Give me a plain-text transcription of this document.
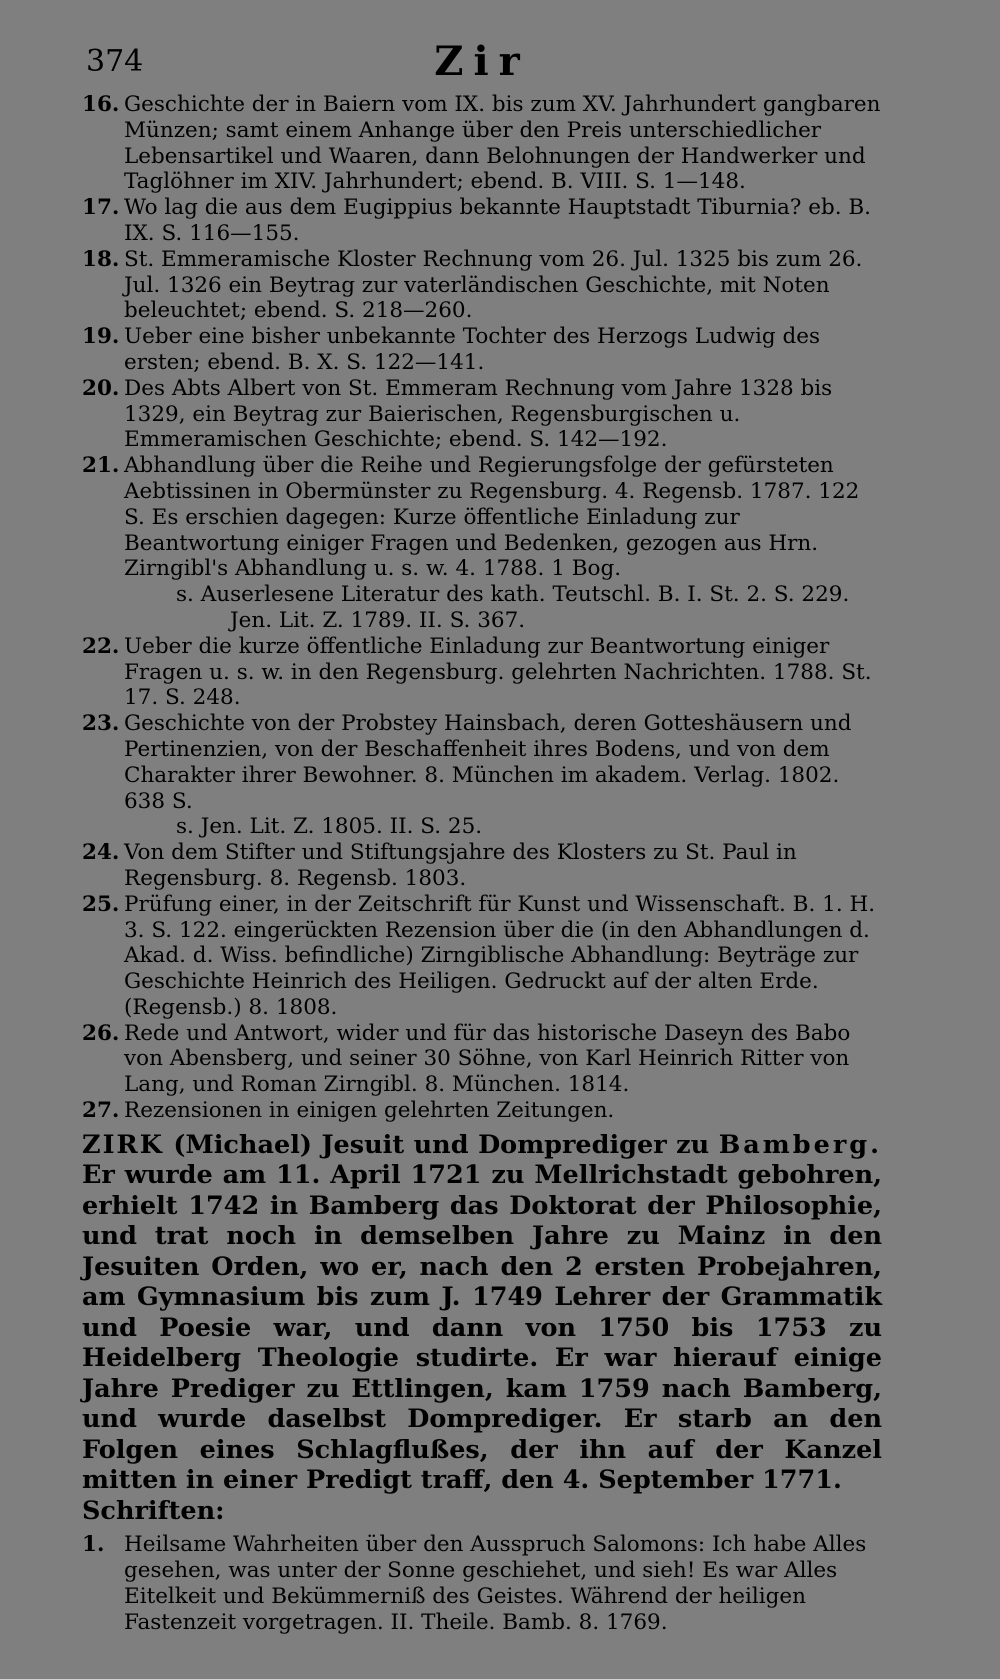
374	Zir
16. Geschichte der in Baiern vom IX. bis zum XV. Jahrhundert gangbaren Münzen; samt einem Anhange über den Preis unterschiedlicher Lebensartikel und Waaren, dann Belohnungen der Handwerker und Taglöhner im XIV. Jahrhundert; ebend. B. VIII. S. 1—148.
17. Wo lag die aus dem Eugippius bekannte Hauptstadt Tiburnia? eb. B. IX. S. 116—155.
18. St. Emmeramische Kloster Rechnung vom 26. Jul. 1325 bis zum 26. Jul. 1326 ein Beytrag zur vaterländischen Geschichte, mit Noten beleuchtet; ebend. S. 218—260.
19. Ueber eine bisher unbekannte Tochter des Herzogs Ludwig des ersten; ebend. B. X. S. 122—141.
20. Des Abts Albert von St. Emmeram Rechnung vom Jahre 1328 bis 1329, ein Beytrag zur Baierischen, Regensburgischen u. Emmeramischen Geschichte; ebend. S. 142—192.
21. Abhandlung über die Reihe und Regierungsfolge der gefürsteten Aebtissinen in Obermünster zu Regensburg. 4. Regensb. 1787. 122 S. Es erschien dagegen: Kurze öffentliche Einladung zur Beantwortung einiger Fragen und Bedenken, gezogen aus Hrn. Zirngibl's Abhandlung u. s. w. 4. 1788. 1 Bog.
s. Auserlesene Literatur des kath. Teutschl. B. I. St. 2. S. 229.
Jen. Lit. Z. 1789. II. S. 367.
22. Ueber die kurze öffentliche Einladung zur Beantwortung einiger Fragen u. s. w. in den Regensburg. gelehrten Nachrichten. 1788. St. 17. S. 248.
23. Geschichte von der Probstey Hainsbach, deren Gotteshäusern und Pertinenzien, von der Beschaffenheit ihres Bodens, und von dem Charakter ihrer Bewohner. 8. München im akadem. Verlag. 1802. 638 S.
s. Jen. Lit. Z. 1805. II. S. 25.
24. Von dem Stifter und Stiftungsjahre des Klosters zu St. Paul in Regensburg. 8. Regensb. 1803.
25. Prüfung einer, in der Zeitschrift für Kunst und Wissenschaft. B. 1. H. 3. S. 122. eingerückten Rezension über die (in den Abhandlungen d. Akad. d. Wiss. befindliche) Zirngiblische Abhandlung: Beyträge zur Geschichte Heinrich des Heiligen. Gedruckt auf der alten Erde. (Regensb.) 8. 1808.
26. Rede und Antwort, wider und für das historische Daseyn des Babo von Abensberg, und seiner 30 Söhne, von Karl Heinrich Ritter von Lang, und Roman Zirngibl. 8. München. 1814.
27. Rezensionen in einigen gelehrten Zeitungen.
ZIRK (Michael) Jesuit und Domprediger zu Bamberg. Er wurde am 11. April 1721 zu Mellrichstadt gebohren, erhielt 1742 in Bamberg das Doktorat der Philosophie, und trat noch in demselben Jahre zu Mainz in den Jesuiten Orden, wo er, nach den 2 ersten Probejahren, am Gymnasium bis zum J. 1749 Lehrer der Grammatik und Poesie war, und dann von 1750 bis 1753 zu Heidelberg Theologie studirte. Er war hierauf einige Jahre Prediger zu Ettlingen, kam 1759 nach Bamberg, und wurde daselbst Domprediger. Er starb an den Folgen eines Schlagflußes, der ihn auf der Kanzel mitten in einer Predigt traff, den 4. September 1771.
Schriften:
1. Heilsame Wahrheiten über den Ausspruch Salomons: Ich habe Alles gesehen, was unter der Sonne geschiehet, und sieh! Es war Alles Eitelkeit und Bekümmerniß des Geistes. Während der heiligen Fastenzeit vorgetragen. II. Theile. Bamb. 8. 1769.
